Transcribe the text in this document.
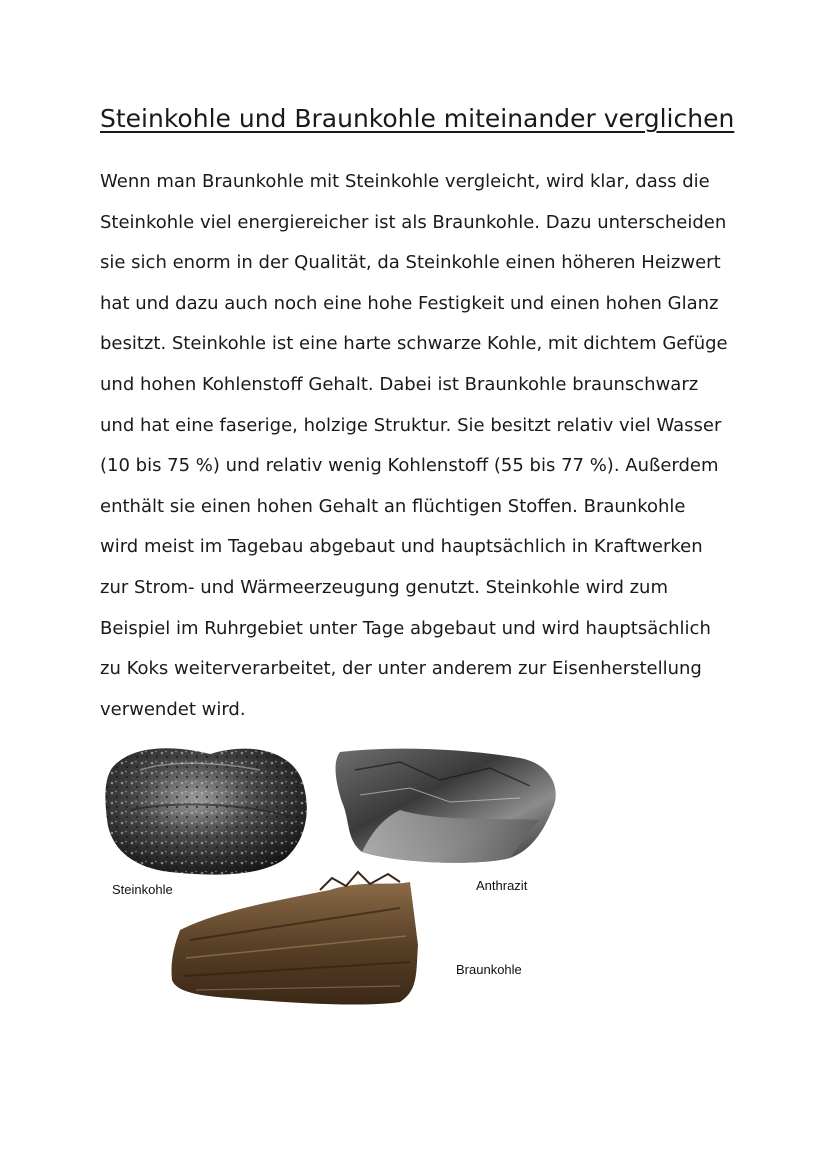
Steinkohle und Braunkohle miteinander verglichen
Wenn man Braunkohle mit Steinkohle vergleicht, wird klar, dass die
Steinkohle viel energiereicher ist als Braunkohle. Dazu unterscheiden
sie sich enorm in der Qualität, da Steinkohle einen höheren Heizwert
hat und dazu auch noch eine hohe Festigkeit und einen hohen Glanz
besitzt. Steinkohle ist eine harte schwarze Kohle, mit dichtem Gefüge
und hohen Kohlenstoff Gehalt. Dabei ist Braunkohle braunschwarz
und hat eine faserige, holzige Struktur. Sie besitzt relativ viel Wasser
(10 bis 75 %) und relativ wenig Kohlenstoff (55 bis 77 %). Außerdem
enthält sie einen hohen Gehalt an flüchtigen Stoffen. Braunkohle
wird meist im Tagebau abgebaut und hauptsächlich in Kraftwerken
zur Strom- und Wärmeerzeugung genutzt. Steinkohle wird zum
Beispiel im Ruhrgebiet unter Tage abgebaut und wird hauptsächlich
zu Koks weiterverarbeitet, der unter anderem zur Eisenherstellung
verwendet wird.
Steinkohle	Anthrazit
Braunkohle
